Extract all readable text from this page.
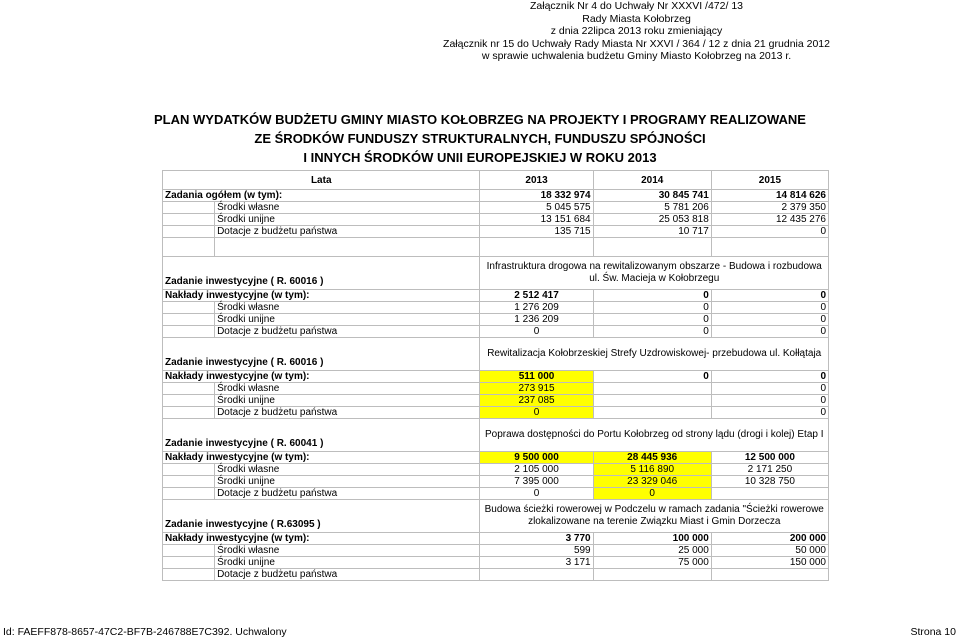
Załącznik Nr 4 do Uchwały Nr XXXVI /472/ 13
Rady Miasta Kołobrzeg
z dnia 22lipca 2013 roku zmieniający
Załącznik nr 15 do Uchwały Rady Miasta Nr XXVI / 364 / 12 z dnia 21 grudnia 2012
w sprawie uchwalenia budżetu Gminy Miasto Kołobrzeg na 2013 r.
PLAN WYDATKÓW BUDŻETU GMINY MIASTO KOŁOBRZEG NA PROJEKTY I PROGRAMY REALIZOWANE
ZE ŚRODKÓW FUNDUSZY STRUKTURALNYCH, FUNDUSZU SPÓJNOŚCI
I INNYCH ŚRODKÓW UNII EUROPEJSKIEJ W ROKU 2013
Lata		2013	2014	2015
Zadania ogółem (w tym):		18 332 974	30 845 741	14 814 626
	Środki własne	5 045 575	5 781 206	2 379 350
	Środki unijne	13 151 684	25 053 818	12 435 276
	Dotacje z budżetu państwa	135 715	10 717	0

Zadanie inwestycyjne ( R. 60016 )		Infrastruktura drogowa na rewitalizowanym obszarze - Budowa i rozbudowa ul. Św. Macieja w Kołobrzegu		
Nakłady inwestycyjne (w tym):		2 512 417	0	0
	Środki własne	1 276 209	0	0
	Środki unijne	1 236 209	0	0
	Dotacje z budżetu państwa	0	0	0
Zadanie inwestycyjne ( R. 60016 )		Rewitalizacja Kołobrzeskiej Strefy Uzdrowiskowej- przebudowa ul. Kołłątaja		
Nakłady inwestycyjne (w tym):		511 000	0	0
	Środki własne	273 915		0
	Środki unijne	237 085		0
	Dotacje z budżetu państwa	0		0
Zadanie inwestycyjne ( R. 60041 )		Poprawa dostępności do Portu Kołobrzeg od strony lądu (drogi i kolej) Etap I		
Nakłady inwestycyjne (w tym):		9 500 000	28 445 936	12 500 000
	Środki własne	2 105 000	5 116 890	2 171 250
	Środki unijne	7 395 000	23 329 046	10 328 750
	Dotacje z budżetu państwa	0	0	
Zadanie inwestycyjne ( R.63095 )		Budowa ścieżki rowerowej w Podczelu w ramach zadania "Ścieżki rowerowe zlokalizowane na terenie Związku Miast i Gmin Dorzecza		
Nakłady inwestycyjne (w tym):		3 770	100 000	200 000
	Środki własne	599	25 000	50 000
	Środki unijne	3 171	75 000	150 000
	Dotacje z budżetu państwa			
Id: FAEFF878-8657-47C2-BF7B-246788E7C392. Uchwalony	Strona 10
